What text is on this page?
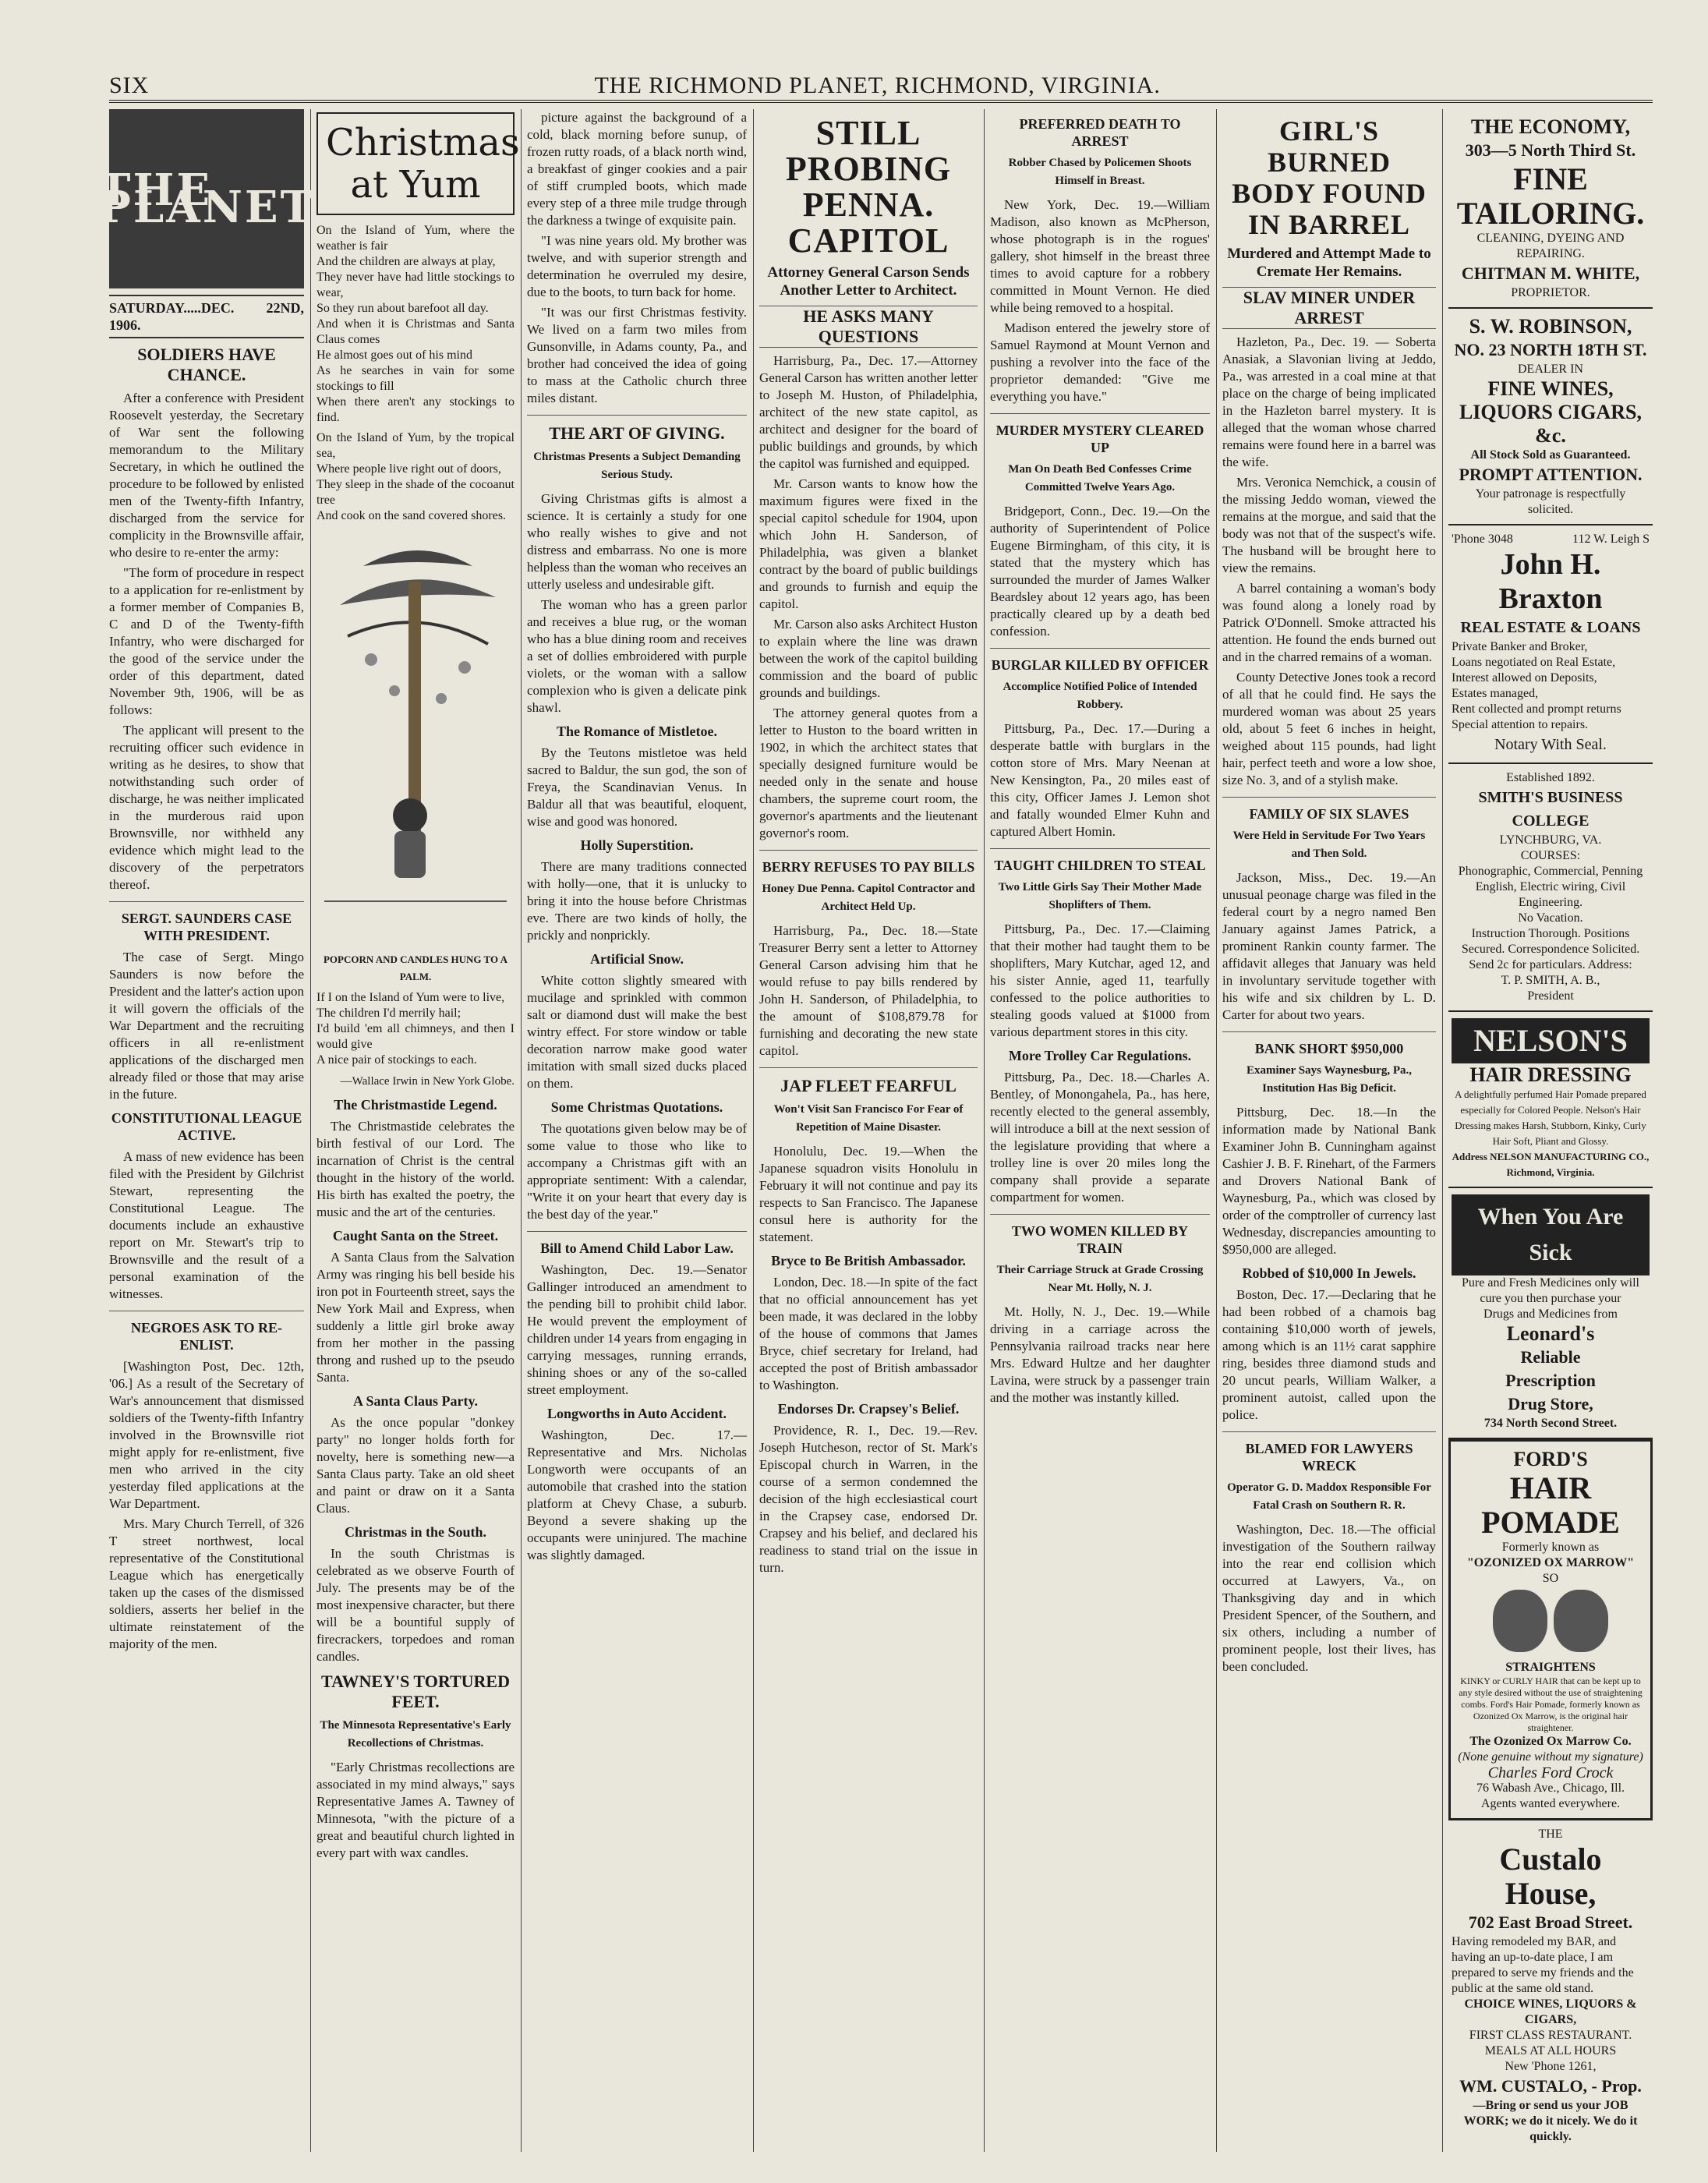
SIX	THE RICHMOND PLANET, RICHMOND, VIRGINIA.
THE PLANET
SATURDAY.....DEC. 22ND, 1906.
SOLDIERS HAVE CHANCE.

After a conference with President Roosevelt yesterday, the Secretary of War sent the following memorandum to the Military Secretary, in which he outlined the procedure to be followed by enlisted men of the Twenty-fifth Infantry, discharged from the service for complicity in the Brownsville affair, who desire to re-enter the army:

"The form of procedure in respect to a application for re-enlistment by a former member of Companies B, C and D of the Twenty-fifth Infantry, who were discharged for the good of the service under the order of this department, dated November 9th, 1906, will be as follows:

The applicant will present to the recruiting officer such evidence in writing as he desires, to show that notwithstanding such order of discharge, he was neither implicated in the murderous raid upon Brownsville, nor withheld any evidence which might lead to the discovery of the perpetrators thereof.

SERGT. SAUNDERS CASE WITH PRESIDENT.

The case of Sergt. Mingo Saunders is now before the President and the latter's action upon it will govern the officials of the War Department and the recruiting officers in all re-enlistment applications of the discharged men already filed or those that may arise in the future.

CONSTITUTIONAL LEAGUE ACTIVE.

A mass of new evidence has been filed with the President by Gilchrist Stewart, representing the Constitutional League. The documents include an exhaustive report on Mr. Stewart's trip to Brownsville and the result of a personal examination of the witnesses.

NEGROES ASK TO RE-ENLIST.

[Washington Post, Dec. 12th, '06.] As a result of the Secretary of War's announcement that dismissed soldiers of the Twenty-fifth Infantry involved in the Brownsville riot might apply for re-enlistment, five men who arrived in the city yesterday filed applications at the War Department.

Mrs. Mary Church Terrell, of 326 T street northwest, local representative of the Constitutional League which has energetically taken up the cases of the dismissed soldiers, asserts her belief in the ultimate reinstatement of the majority of the men.

Christmas at Yum
On the Island of Yum, where the weather is fair
And the children are always at play,
They never have had little stockings to wear,
So they run about barefoot all day.
And when it is Christmas and Santa Claus comes
He almost goes out of his mind
As he searches in vain for some stockings to fill
When there aren't any stockings to find.
On the Island of Yum, by the tropical sea,
Where people live right out of doors,
They sleep in the shade of the cocoanut tree
And cook on the sand covered shores.
POPCORN AND CANDLES HUNG TO A PALM.
If I on the Island of Yum were to live,
The children I'd merrily hail;
I'd build 'em all chimneys, and then I would give
A nice pair of stockings to each.
—Wallace Irwin in New York Globe.
The Christmastide Legend.

The Christmastide celebrates the birth festival of our Lord. The incarnation of Christ is the central thought in the history of the world. His birth has exalted the poetry, the music and the art of the centuries.

Caught Santa on the Street.

A Santa Claus from the Salvation Army was ringing his bell beside his iron pot in Fourteenth street, says the New York Mail and Express, when suddenly a little girl broke away from her mother in the passing throng and rushed up to the pseudo Santa.

A Santa Claus Party.

As the once popular "donkey party" no longer holds forth for novelty, here is something new—a Santa Claus party. Take an old sheet and paint or draw on it a Santa Claus.

Christmas in the South.

In the south Christmas is celebrated as we observe Fourth of July. The presents may be of the most inexpensive character, but there will be a bountiful supply of firecrackers, torpedoes and roman candles.

TAWNEY'S TORTURED FEET.
The Minnesota Representative's Early Recollections of Christmas.

"Early Christmas recollections are associated in my mind always," says Representative James A. Tawney of Minnesota, "with the picture of a great and beautiful church lighted in every part with wax candles.

picture against the background of a cold, black morning before sunup, of frozen rutty roads, of a black north wind, a breakfast of ginger cookies and a pair of stiff crumpled boots, which made every step of a three mile trudge through the darkness a twinge of exquisite pain.

"I was nine years old. My brother was twelve, and with superior strength and determination he overruled my desire, due to the boots, to turn back for home.

"It was our first Christmas festivity. We lived on a farm two miles from Gunsonville, in Adams county, Pa., and brother had conceived the idea of going to mass at the Catholic church three miles distant.

THE ART OF GIVING.
Christmas Presents a Subject Demanding Serious Study.

Giving Christmas gifts is almost a science. It is certainly a study for one who really wishes to give and not distress and embarrass. No one is more helpless than the woman who receives an utterly useless and undesirable gift.

The woman who has a green parlor and receives a blue rug, or the woman who has a blue dining room and receives a set of dollies embroidered with purple violets, or the woman with a sallow complexion who is given a delicate pink shawl.

The Romance of Mistletoe.

By the Teutons mistletoe was held sacred to Baldur, the sun god, the son of Freya, the Scandinavian Venus. In Baldur all that was beautiful, eloquent, wise and good was honored.

Holly Superstition.

There are many traditions connected with holly—one, that it is unlucky to bring it into the house before Christmas eve. There are two kinds of holly, the prickly and nonprickly.

Artificial Snow.

White cotton slightly smeared with mucilage and sprinkled with common salt or diamond dust will make the best wintry effect. For store window or table decoration narrow make good water imitation with small sized ducks placed on them.

Some Christmas Quotations.

The quotations given below may be of some value to those who like to accompany a Christmas gift with an appropriate sentiment: With a calendar, "Write it on your heart that every day is the best day of the year."

Bill to Amend Child Labor Law.

Washington, Dec. 19.—Senator Gallinger introduced an amendment to the pending bill to prohibit child labor. He would prevent the employment of children under 14 years from engaging in carrying messages, running errands, shining shoes or any of the so-called street employment.

Longworths in Auto Accident.

Washington, Dec. 17.—Representative and Mrs. Nicholas Longworth were occupants of an automobile that crashed into the station platform at Chevy Chase, a suburb. Beyond a severe shaking up the occupants were uninjured. The machine was slightly damaged.

STILL PROBING PENNA. CAPITOL
Attorney General Carson Sends Another Letter to Architect.
HE ASKS MANY QUESTIONS

Harrisburg, Pa., Dec. 17.—Attorney General Carson has written another letter to Joseph M. Huston, of Philadelphia, architect of the new state capitol, as architect and designer for the board of public buildings and grounds, by which the capitol was furnished and equipped.

Mr. Carson wants to know how the maximum figures were fixed in the special capitol schedule for 1904, upon which John H. Sanderson, of Philadelphia, was given a blanket contract by the board of public buildings and grounds to furnish and equip the capitol.

Mr. Carson also asks Architect Huston to explain where the line was drawn between the work of the capitol building commission and the board of public grounds and buildings.

The attorney general quotes from a letter to Huston to the board written in 1902, in which the architect states that specially designed furniture would be needed only in the senate and house chambers, the supreme court room, the governor's apartments and the lieutenant governor's room.

BERRY REFUSES TO PAY BILLS
Honey Due Penna. Capitol Contractor and Architect Held Up.

Harrisburg, Pa., Dec. 18.—State Treasurer Berry sent a letter to Attorney General Carson advising him that he would refuse to pay bills rendered by John H. Sanderson, of Philadelphia, to the amount of $108,879.78 for furnishing and decorating the new state capitol.

JAP FLEET FEARFUL
Won't Visit San Francisco For Fear of Repetition of Maine Disaster.

Honolulu, Dec. 19.—When the Japanese squadron visits Honolulu in February it will not continue and pay its respects to San Francisco. The Japanese consul here is authority for the statement.

Bryce to Be British Ambassador.

London, Dec. 18.—In spite of the fact that no official announcement has yet been made, it was declared in the lobby of the house of commons that James Bryce, chief secretary for Ireland, had accepted the post of British ambassador to Washington.

Endorses Dr. Crapsey's Belief.

Providence, R. I., Dec. 19.—Rev. Joseph Hutcheson, rector of St. Mark's Episcopal church in Warren, in the course of a sermon condemned the decision of the high ecclesiastical court in the Crapsey case, endorsed Dr. Crapsey and his belief, and declared his readiness to stand trial on the issue in turn.

PREFERRED DEATH TO ARREST
Robber Chased by Policemen Shoots Himself in Breast.

New York, Dec. 19.—William Madison, also known as McPherson, whose photograph is in the rogues' gallery, shot himself in the breast three times to avoid capture for a robbery committed in Mount Vernon. He died while being removed to a hospital.

Madison entered the jewelry store of Samuel Raymond at Mount Vernon and pushing a revolver into the face of the proprietor demanded: "Give me everything you have."

MURDER MYSTERY CLEARED UP
Man On Death Bed Confesses Crime Committed Twelve Years Ago.

Bridgeport, Conn., Dec. 19.—On the authority of Superintendent of Police Eugene Birmingham, of this city, it is stated that the mystery which has surrounded the murder of James Walker Beardsley about 12 years ago, has been practically cleared up by a death bed confession.

BURGLAR KILLED BY OFFICER
Accomplice Notified Police of Intended Robbery.

Pittsburg, Pa., Dec. 17.—During a desperate battle with burglars in the cotton store of Mrs. Mary Neenan at New Kensington, Pa., 20 miles east of this city, Officer James J. Lemon shot and fatally wounded Elmer Kuhn and captured Albert Homin.

TAUGHT CHILDREN TO STEAL
Two Little Girls Say Their Mother Made Shoplifters of Them.

Pittsburg, Pa., Dec. 17.—Claiming that their mother had taught them to be shoplifters, Mary Kutchar, aged 12, and his sister Annie, aged 11, tearfully confessed to the police authorities to stealing goods valued at $1000 from various department stores in this city.

More Trolley Car Regulations.

Pittsburg, Pa., Dec. 18.—Charles A. Bentley, of Monongahela, Pa., has here, recently elected to the general assembly, will introduce a bill at the next session of the legislature providing that where a trolley line is over 20 miles long the company shall provide a separate compartment for women.

TWO WOMEN KILLED BY TRAIN
Their Carriage Struck at Grade Crossing Near Mt. Holly, N. J.

Mt. Holly, N. J., Dec. 19.—While driving in a carriage across the Pennsylvania railroad tracks near here Mrs. Edward Hultze and her daughter Lavina, were struck by a passenger train and the mother was instantly killed.

GIRL'S BURNED BODY FOUND IN BARREL
Murdered and Attempt Made to Cremate Her Remains.
SLAV MINER UNDER ARREST

Hazleton, Pa., Dec. 19. — Soberta Anasiak, a Slavonian living at Jeddo, Pa., was arrested in a coal mine at that place on the charge of being implicated in the Hazleton barrel mystery. It is alleged that the woman whose charred remains were found here in a barrel was the wife.

Mrs. Veronica Nemchick, a cousin of the missing Jeddo woman, viewed the remains at the morgue, and said that the body was not that of the suspect's wife. The husband will be brought here to view the remains.

A barrel containing a woman's body was found along a lonely road by Patrick O'Donnell. Smoke attracted his attention. He found the ends burned out and in the charred remains of a woman.

County Detective Jones took a record of all that he could find. He says the murdered woman was about 25 years old, about 5 feet 6 inches in height, weighed about 115 pounds, had light hair, perfect teeth and wore a low shoe, size No. 3, and of a stylish make.

FAMILY OF SIX SLAVES
Were Held in Servitude For Two Years and Then Sold.

Jackson, Miss., Dec. 19.—An unusual peonage charge was filed in the federal court by a negro named Ben January against James Patrick, a prominent Rankin county farmer. The affidavit alleges that January was held in involuntary servitude together with his wife and six children by L. D. Carter for about two years.

BANK SHORT $950,000
Examiner Says Waynesburg, Pa., Institution Has Big Deficit.

Pittsburg, Dec. 18.—In the information made by National Bank Examiner John B. Cunningham against Cashier J. B. F. Rinehart, of the Farmers and Drovers National Bank of Waynesburg, Pa., which was closed by order of the comptroller of currency last Wednesday, discrepancies amounting to $950,000 are alleged.

Robbed of $10,000 In Jewels.

Boston, Dec. 17.—Declaring that he had been robbed of a chamois bag containing $10,000 worth of jewels, among which is an 11½ carat sapphire ring, besides three diamond studs and 20 uncut pearls, William Walker, a prominent autoist, called upon the police.

BLAMED FOR LAWYERS WRECK
Operator G. D. Maddox Responsible For Fatal Crash on Southern R. R.

Washington, Dec. 18.—The official investigation of the Southern railway into the rear end collision which occurred at Lawyers, Va., on Thanksgiving day and in which President Spencer, of the Southern, and six others, including a number of prominent people, lost their lives, has been concluded.

THE ECONOMY,
303—5 North Third St.
FINE
TAILORING.
CLEANING, DYEING AND REPAIRING.
CHITMAN M. WHITE,
PROPRIETOR.
S. W. ROBINSON,
NO. 23 NORTH 18TH ST.
DEALER IN
FINE WINES, LIQUORS CIGARS, &c.
All Stock Sold as Guaranteed.
PROMPT ATTENTION.
Your patronage is respectfully solicited.
'Phone 3048	112 W. Leigh S
John H. Braxton
REAL ESTATE & LOANS
Private Banker and Broker,
Loans negotiated on Real Estate,
Interest allowed on Deposits,
Estates managed,
Rent collected and prompt returns
Special attention to repairs.
Notary With Seal.
Established 1892.
SMITH'S BUSINESS COLLEGE
LYNCHBURG, VA.
COURSES:
Phonographic, Commercial, Penning English, Electric wiring, Civil Engineering.
No Vacation.
Instruction Thorough. Positions Secured. Correspondence Solicited. Send 2c for particulars. Address:
T. P. SMITH, A. B.,
President
NELSON'S
HAIR DRESSING
A delightfully perfumed Hair Pomade prepared especially for Colored People. Nelson's Hair Dressing makes Harsh, Stubborn, Kinky, Curly Hair Soft, Pliant and Glossy.
Address NELSON MANUFACTURING CO., Richmond, Virginia.
When You Are Sick
Pure and Fresh Medicines only will
cure you then purchase your
Drugs and Medicines from
Leonard's
Reliable
Prescription
Drug Store,
734 North Second Street.
FORD'S
HAIR POMADE
Formerly known as
"OZONIZED OX MARROW"
SO
STRAIGHTENS
KINKY or CURLY HAIR that can be kept up to any style desired without the use of straightening combs. Ford's Hair Pomade, formerly known as Ozonized Ox Marrow, is the original hair straightener.
The Ozonized Ox Marrow Co.
(None genuine without my signature)
Charles Ford Crock
76 Wabash Ave., Chicago, Ill.
Agents wanted everywhere.
THE
Custalo House,
702 East Broad Street.
Having remodeled my BAR, and having an up-to-date place, I am prepared to serve my friends and the public at the same old stand.
CHOICE WINES, LIQUORS & CIGARS,
FIRST CLASS RESTAURANT.
MEALS AT ALL HOURS
New 'Phone 1261,
WM. CUSTALO, - Prop.
—Bring or send us your JOB WORK; we do it nicely. We do it quickly.
